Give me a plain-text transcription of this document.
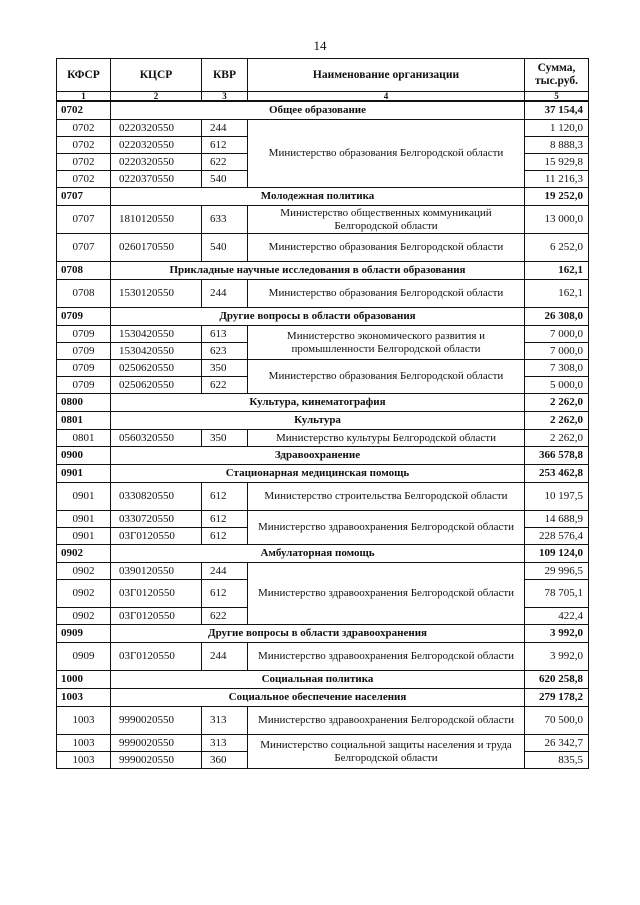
14
КФСР	КЦСР	КВР	Наименование организации	Сумма, тыс.руб.
1	2	3	4	5
0702	Общее образование			37 154,4
0702	0220320550	244	Министерство образования Белгородской области	1 120,0
0702	0220320550	612		8 888,3
0702	0220320550	622		15 929,8
0702	0220370550	540		11 216,3
0707	Молодежная политика			19 252,0
0707	1810120550	633	Министерство общественных коммуникаций Белгородской области	13 000,0
0707	0260170550	540	Министерство образования Белгородской области	6 252,0
0708	Прикладные научные исследования в области образования			162,1
0708	1530120550	244	Министерство образования Белгородской области	162,1
0709	Другие вопросы в области образования			26 308,0
0709	1530420550	613	Министерство экономического развития и промышленности Белгородской области	7 000,0
0709	1530420550	623		7 000,0
0709	0250620550	350	Министерство образования Белгородской области	7 308,0
0709	0250620550	622		5 000,0
0800	Культура, кинематография			2 262,0
0801	Культура			2 262,0
0801	0560320550	350	Министерство культуры Белгородской области	2 262,0
0900	Здравоохранение			366 578,8
0901	Стационарная медицинская помощь			253 462,8
0901	0330820550	612	Министерство строительства Белгородской области	10 197,5
0901	0330720550	612	Министерство здравоохранения Белгородской области	14 688,9
0901	03Г0120550	612		228 576,4
0902	Амбулаторная помощь			109 124,0
0902	0390120550	244	Министерство здравоохранения Белгородской области	29 996,5
0902	03Г0120550	612		78 705,1
0902	03Г0120550	622		422,4
0909	Другие вопросы в области здравоохранения			3 992,0
0909	03Г0120550	244	Министерство здравоохранения Белгородской области	3 992,0
1000	Социальная политика			620 258,8
1003	Социальное обеспечение населения			279 178,2
1003	9990020550	313	Министерство здравоохранения Белгородской области	70 500,0
1003	9990020550	313	Министерство социальной защиты населения и труда Белгородской области	26 342,7
1003	9990020550	360		835,5
